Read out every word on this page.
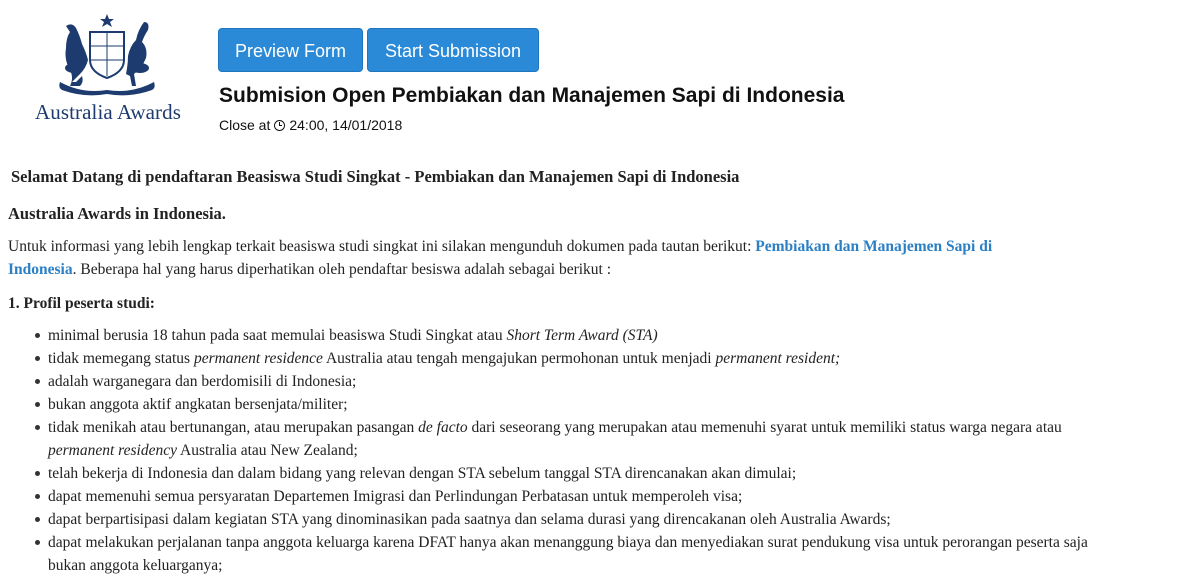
Australia Awards
Preview Form	Start Submission
Submision Open Pembiakan dan Manajemen Sapi di Indonesia
Close at 24:00, 14/01/2018
Selamat Datang di pendaftaran Beasiswa Studi Singkat - Pembiakan dan Manajemen Sapi di Indonesia
Australia Awards in Indonesia.
Untuk informasi yang lebih lengkap terkait beasiswa studi singkat ini silakan mengunduh dokumen pada tautan berikut: Pembiakan dan Manajemen Sapi di Indonesia. Beberapa hal yang harus diperhatikan oleh pendaftar besiswa adalah sebagai berikut :
1. Profil peserta studi:
minimal berusia 18 tahun pada saat memulai beasiswa Studi Singkat atau Short Term Award (STA)
tidak memegang status permanent residence Australia atau tengah mengajukan permohonan untuk menjadi permanent resident;
adalah warganegara dan berdomisili di Indonesia;
bukan anggota aktif angkatan bersenjata/militer;
tidak menikah atau bertunangan, atau merupakan pasangan de facto dari seseorang yang merupakan atau memenuhi syarat untuk memiliki status warga negara atau permanent residency Australia atau New Zealand;
telah bekerja di Indonesia dan dalam bidang yang relevan dengan STA sebelum tanggal STA direncanakan akan dimulai;
dapat memenuhi semua persyaratan Departemen Imigrasi dan Perlindungan Perbatasan untuk memperoleh visa;
dapat berpartisipasi dalam kegiatan STA yang dinominasikan pada saatnya dan selama durasi yang direncakanan oleh Australia Awards;
dapat melakukan perjalanan tanpa anggota keluarga karena DFAT hanya akan menanggung biaya dan menyediakan surat pendukung visa untuk perorangan peserta saja bukan anggota keluarganya;
